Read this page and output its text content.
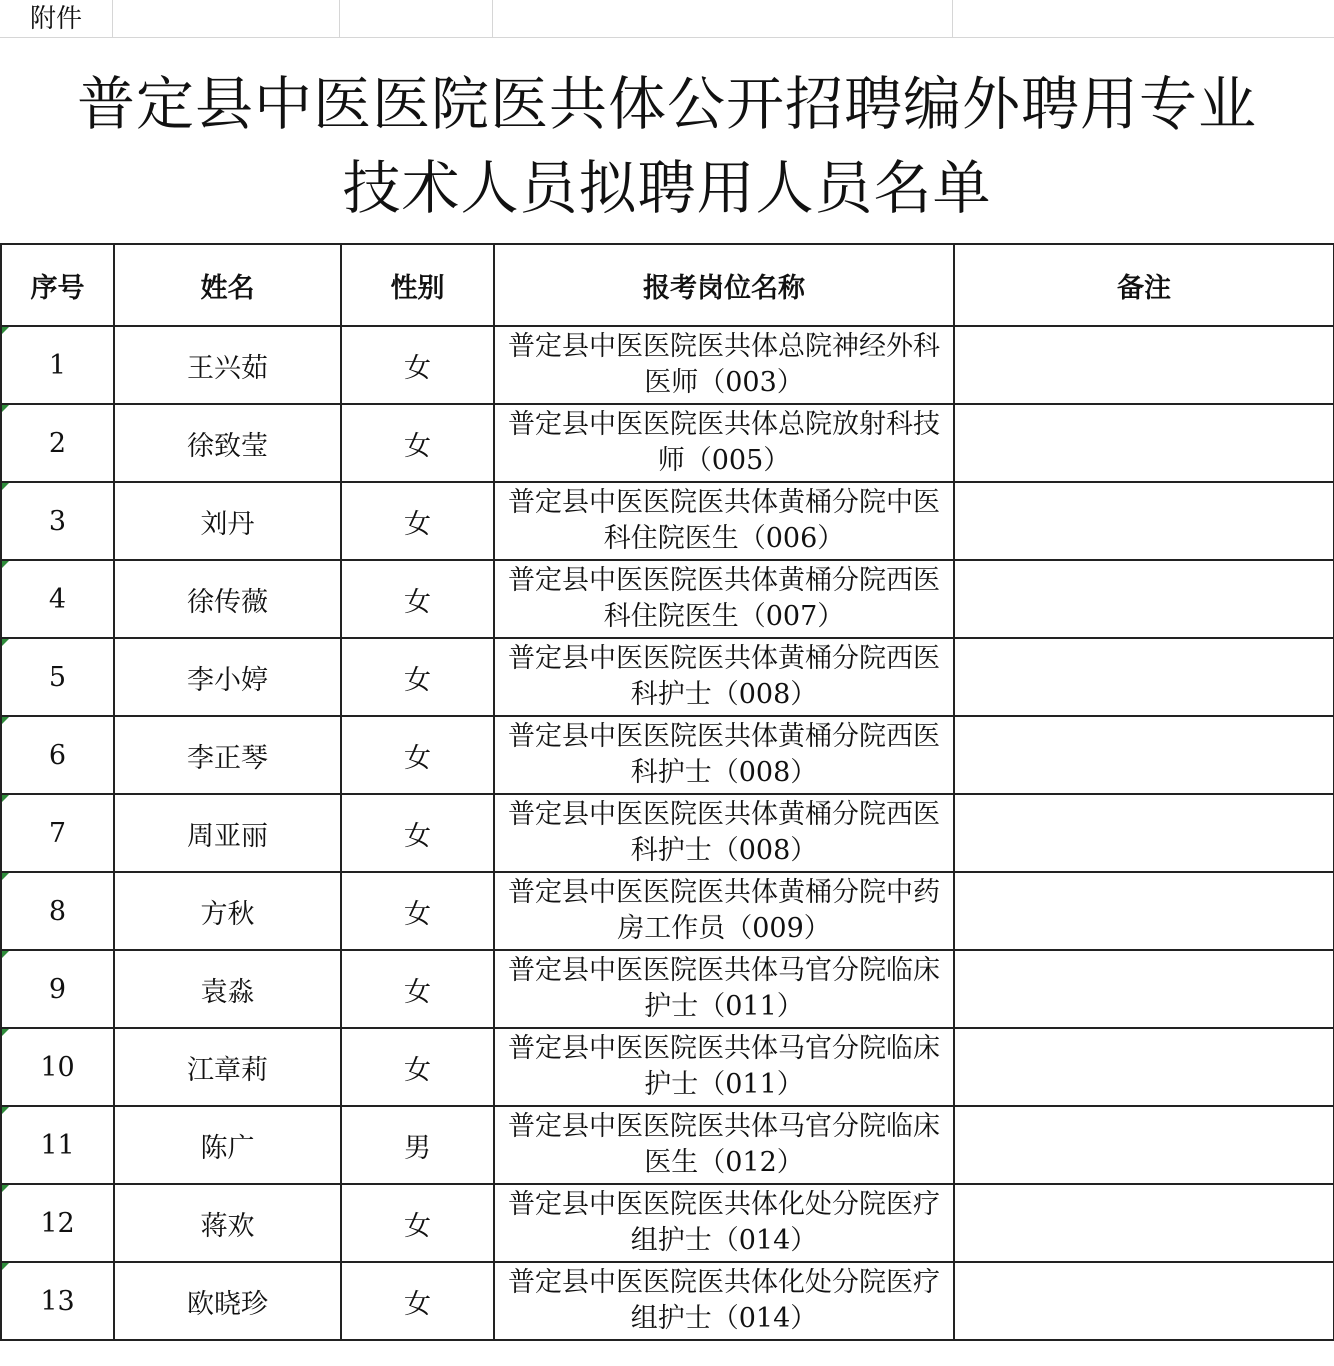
附件
普定县中医医院医共体公开招聘编外聘用专业
技术人员拟聘用人员名单
序号	姓名	性别	报考岗位名称	备注

1	王兴茹	女	普定县中医医院医共体总院神经外科医师（003）	

2	徐致莹	女	普定县中医医院医共体总院放射科技师（005）	

3	刘丹	女	普定县中医医院医共体黄桶分院中医科住院医生（006）	

4	徐传薇	女	普定县中医医院医共体黄桶分院西医科住院医生（007）	

5	李小婷	女	普定县中医医院医共体黄桶分院西医科护士（008）	

6	李正琴	女	普定县中医医院医共体黄桶分院西医科护士（008）	

7	周亚丽	女	普定县中医医院医共体黄桶分院西医科护士（008）	

8	方秋	女	普定县中医医院医共体黄桶分院中药房工作员（009）	

9	袁淼	女	普定县中医医院医共体马官分院临床护士（011）	

10	江章莉	女	普定县中医医院医共体马官分院临床护士（011）	

11	陈广	男	普定县中医医院医共体马官分院临床医生（012）	

12	蒋欢	女	普定县中医医院医共体化处分院医疗组护士（014）	

13	欧晓珍	女	普定县中医医院医共体化处分院医疗组护士（014）	
